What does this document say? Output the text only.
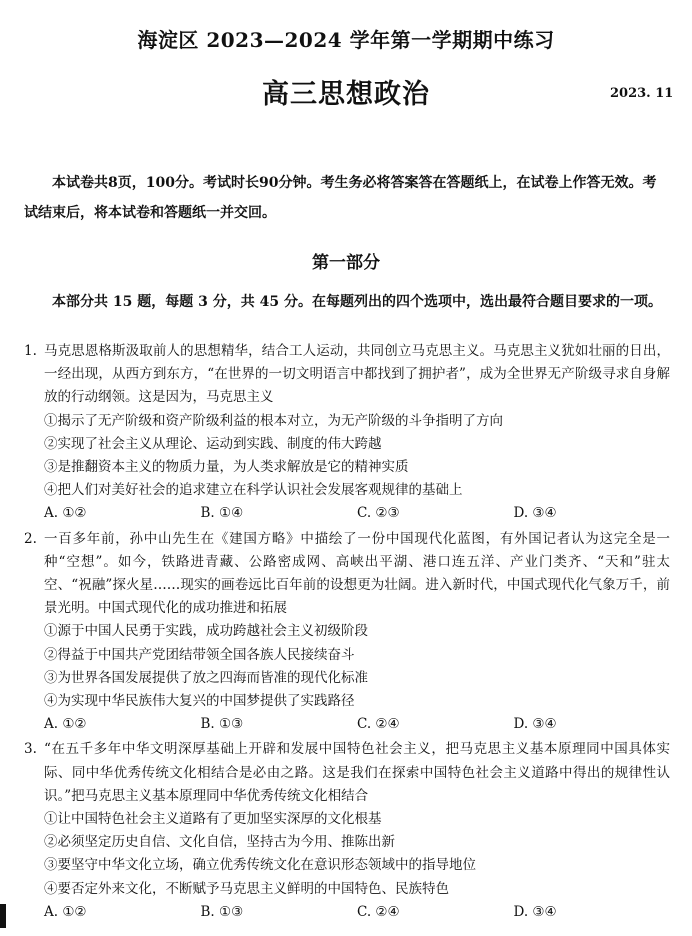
海淀区 2023—2024 学年第一学期期中练习
高三思想政治	2023. 11
本试卷共8页，100分。考试时长90分钟。考生务必将答案答在答题纸上，在试卷上作答无效。考试结束后，将本试卷和答题纸一并交回。
第一部分
本部分共 15 题，每题 3 分，共 45 分。在每题列出的四个选项中，选出最符合题目要求的一项。
1. 马克思恩格斯汲取前人的思想精华，结合工人运动，共同创立马克思主义。马克思主义犹如壮丽的日出，一经出现，从西方到东方，“在世界的一切文明语言中都找到了拥护者”，成为全世界无产阶级寻求自身解放的行动纲领。这是因为，马克思主义
①揭示了无产阶级和资产阶级利益的根本对立，为无产阶级的斗争指明了方向
②实现了社会主义从理论、运动到实践、制度的伟大跨越
③是推翻资本主义的物质力量，为人类求解放是它的精神实质
④把人们对美好社会的追求建立在科学认识社会发展客观规律的基础上
A. ①②	B. ①④	C. ②③	D. ③④
2. 一百多年前，孙中山先生在《建国方略》中描绘了一份中国现代化蓝图，有外国记者认为这完全是一种“空想”。如今，铁路进青藏、公路密成网、高峡出平湖、港口连五洋、产业门类齐、“天和”驻太空、“祝融”探火星……现实的画卷远比百年前的设想更为壮阔。进入新时代，中国式现代化气象万千，前景光明。中国式现代化的成功推进和拓展
①源于中国人民勇于实践，成功跨越社会主义初级阶段
②得益于中国共产党团结带领全国各族人民接续奋斗
③为世界各国发展提供了放之四海而皆准的现代化标准
④为实现中华民族伟大复兴的中国梦提供了实践路径
A. ①②	B. ①③	C. ②④	D. ③④
3. “在五千多年中华文明深厚基础上开辟和发展中国特色社会主义，把马克思主义基本原理同中国具体实际、同中华优秀传统文化相结合是必由之路。这是我们在探索中国特色社会主义道路中得出的规律性认识。”把马克思主义基本原理同中华优秀传统文化相结合
①让中国特色社会主义道路有了更加坚实深厚的文化根基
②必须坚定历史自信、文化自信，坚持古为今用、推陈出新
③要坚守中华文化立场，确立优秀传统文化在意识形态领域中的指导地位
④要否定外来文化，不断赋予马克思主义鲜明的中国特色、民族特色
A. ①②	B. ①③	C. ②④	D. ③④
